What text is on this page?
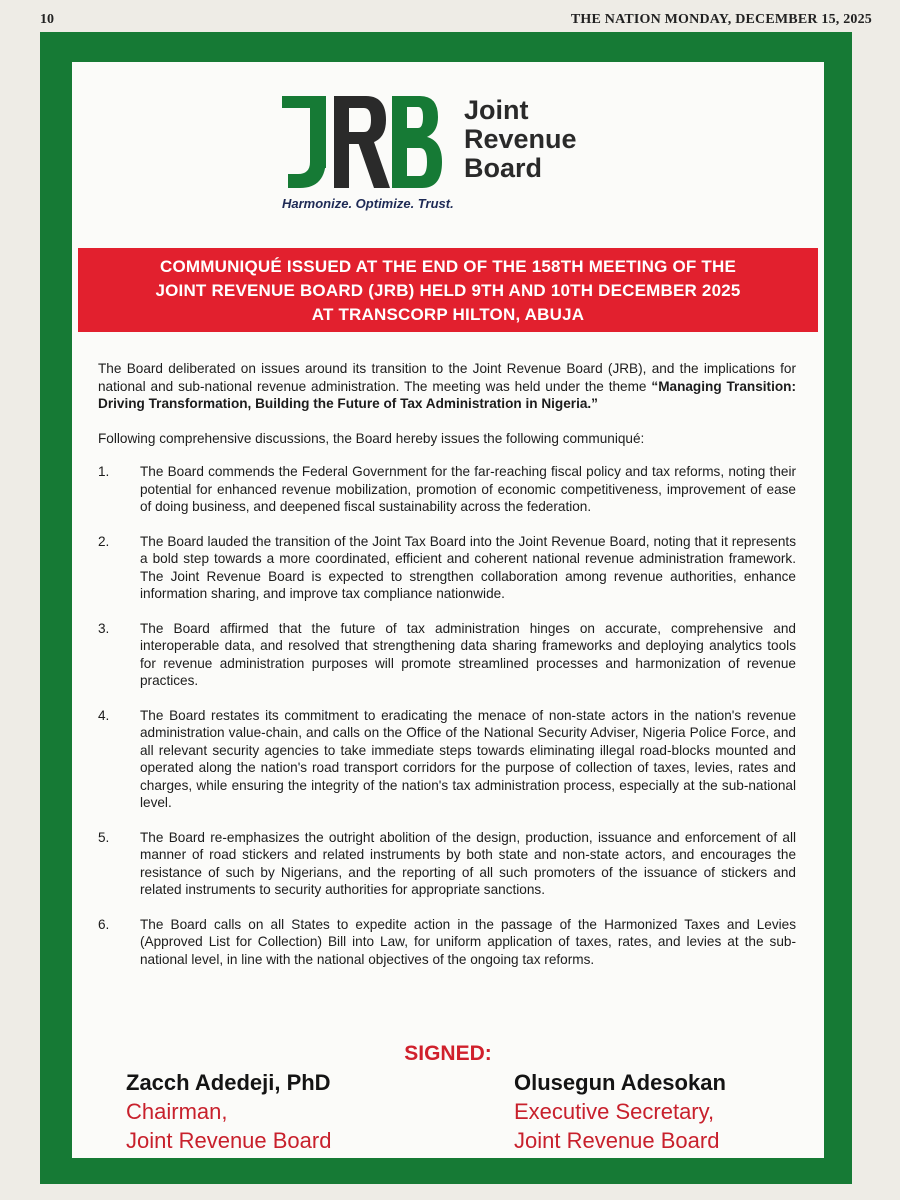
10	THE NATION MONDAY, DECEMBER 15, 2025
Joint
Revenue
Board
Harmonize. Optimize. Trust.
COMMUNIQUÉ ISSUED AT THE END OF THE 158TH MEETING OF THE
JOINT REVENUE BOARD (JRB) HELD 9TH AND 10TH DECEMBER 2025
AT TRANSCORP HILTON, ABUJA

The Board deliberated on issues around its transition to the Joint Revenue Board (JRB), and the implications for national and sub-national revenue administration. The meeting was held under the theme “Managing Transition: Driving Transformation, Building the Future of Tax Administration in Nigeria.”

Following comprehensive discussions, the Board hereby issues the following communiqué:

1.	The Board commends the Federal Government for the far-reaching fiscal policy and tax reforms, noting their potential for enhanced revenue mobilization, promotion of economic competitiveness, improvement of ease of doing business, and deepened fiscal sustainability across the federation.
2.	The Board lauded the transition of the Joint Tax Board into the Joint Revenue Board, noting that it represents a bold step towards a more coordinated, efficient and coherent national revenue administration framework. The Joint Revenue Board is expected to strengthen collaboration among revenue authorities, enhance information sharing, and improve tax compliance nationwide.
3.	The Board affirmed that the future of tax administration hinges on accurate, comprehensive and interoperable data, and resolved that strengthening data sharing frameworks and deploying analytics tools for revenue administration purposes will promote streamlined processes and harmonization of revenue practices.
4.	The Board restates its commitment to eradicating the menace of non-state actors in the nation's revenue administration value-chain, and calls on the Office of the National Security Adviser, Nigeria Police Force, and all relevant security agencies to take immediate steps towards eliminating illegal road-blocks mounted and operated along the nation's road transport corridors for the purpose of collection of taxes, levies, rates and charges, while ensuring the integrity of the nation's tax administration process, especially at the sub-national level.
5.	The Board re-emphasizes the outright abolition of the design, production, issuance and enforcement of all manner of road stickers and related instruments by both state and non-state actors, and encourages the resistance of such by Nigerians, and the reporting of all such promoters of the issuance of stickers and related instruments to security authorities for appropriate sanctions.
6.	The Board calls on all States to expedite action in the passage of the Harmonized Taxes and Levies (Approved List for Collection) Bill into Law, for uniform application of taxes, rates, and levies at the sub-national level, in line with the national objectives of the ongoing tax reforms.
SIGNED:
Zacch Adedeji, PhD
Chairman,
Joint Revenue Board
Olusegun Adesokan
Executive Secretary,
Joint Revenue Board
